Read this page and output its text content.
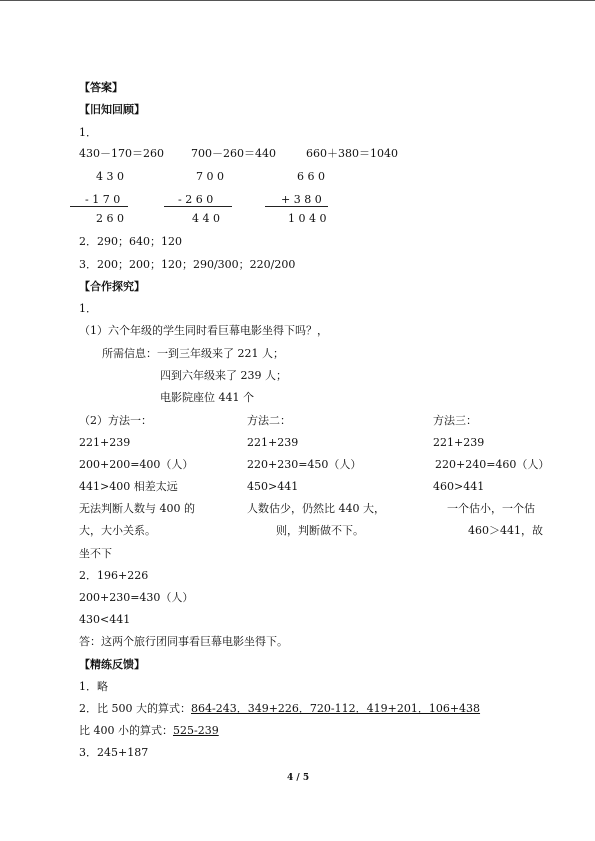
【答案】
【旧知回顾】
1．
430－170＝260 700－260＝440	660＋380＝1040
4 3 0
- 1 7 0
2 6 0
7 0 0
- 2 6 0
4 4 0
6 6 0
+ 3 8 0
1 0 4 0
2．290；640；120
3．200；200；120；290/300；220/200
【合作探究】
1．
（1）六个年级的学生同时看巨幕电影坐得下吗？，
所需信息：一到三年级来了 221 人；
四到六年级来了 239 人；
电影院座位 441 个
（2）方法一：	方法二：	方法三：
221+239	221+239	221+239
200+200=400（人）	220+230=450（人）	220+240=460（人）
441>400 相差太远	450>441	460>441
无法判断人数与 400 的	人数估少，仍然比 440 大，	一个估小，一个估
大，大小关系。	则，判断做不下。	460＞441，故
坐不下
2．196+226
200+230=430（人）
430<441
答：这两个旅行团同事看巨幕电影坐得下。
【精练反馈】
1．略
2．比 500 大的算式：864-243．349+226．720-112．419+201．106+438
比 400 小的算式：525-239
3．245+187
4 / 5
